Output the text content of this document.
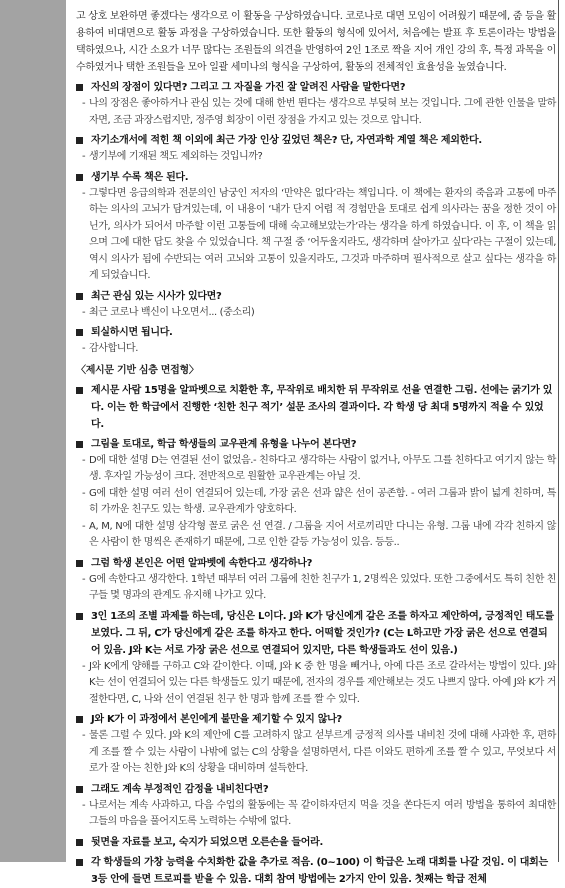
고 상호 보완하면 좋겠다는 생각으로 이 활동을 구상하였습니다. 코로나로 대면 모임이 어려웠기 때문에, 줌 등을 활용하여 비대면으로 활동 과정을 구상하였습니다. 또한 활동의 형식에 있어서, 처음에는 발표 후 토론이라는 방법을 택하였으나, 시간 소요가 너무 많다는 조원들의 의견을 반영하여 2인 1조로 짝을 지어 개인 강의 후, 특정 과목을 이수하였거나 택한 조원들을 모아 일괄 세미나의 형식을 구상하여, 활동의 전체적인 효율성을 높였습니다.

자신의 장점이 있다면? 그리고 그 자질을 가진 잘 알려진 사람을 말한다면?
- 나의 장점은 좋아하거나 관심 있는 것에 대해 한번 뛴다는 생각으로 부딪혀 보는 것입니다. 그에 관한 인물을 말하자면, 조금 과장스럽지만, 정주영 회장이 이런 장점을 가지고 있는 것으로 압니다.
자기소개서에 적힌 책 이외에 최근 가장 인상 깊었던 책은? 단, 자연과학 계열 책은 제외한다.
- 생기부에 기재된 책도 제외하는 것입니까?
생기부 수록 책은 된다.
- 그렇다면 응급의학과 전문의인 남궁인 저자의 ‘만약은 없다’라는 책입니다. 이 책에는 환자의 죽음과 고통에 마주하는 의사의 고뇌가 담겨있는데, 이 내용이 ‘내가 단지 어렵 적 경험만을 토대로 쉽게 의사라는 꿈을 정한 것이 아닌가, 의사가 되어서 마주할 이런 고통들에 대해 숙고해보았는가’라는 생각을 하게 하였습니다. 이 후, 이 책을 읽으며 그에 대한 답도 찾을 수 있었습니다. 책 구절 중 ‘어두울지라도, 생각하며 살아가고 싶다’라는 구절이 있는데, 역시 의사가 됨에 수반되는 여러 고뇌와 고통이 있을지라도, 그것과 마주하며 필사적으로 살고 싶다는 생각을 하게 되었습니다.
최근 관심 있는 시사가 있다면?
- 최근 코로나 백신이 나오면서... (중소리)
퇴실하시면 됩니다.
- 감사합니다.
〈제시문 기반 심층 면접형〉
제시문 사람 15명을 알파벳으로 치환한 후, 무작위로 배치한 뒤 무작위로 선을 연결한 그림. 선에는 굵기가 있다. 이는 한 학급에서 진행한 ‘친한 친구 적기’ 설문 조사의 결과이다. 각 학생 당 최대 5명까지 적을 수 있었다.
그림을 토대로, 학급 학생들의 교우관계 유형을 나누어 본다면?
- D에 대한 설명 D는 연결된 선이 없었음.- 친하다고 생각하는 사람이 없거나, 아무도 그를 친하다고 여기지 않는 학생. 후자일 가능성이 크다. 전반적으로 원활한 교우관계는 아닐 것.
- G에 대한 설명 여러 선이 연결되어 있는데, 가장 굵은 선과 얇은 선이 공존함. - 여러 그룹과 밝이 넓게 친하며, 특히 가까운 친구도 있는 학생. 교우관계가 양호하다.
- A, M, N에 대한 설명 삼각형 꼴로 굵은 선 연결. / 그룹을 지어 서로끼리만 다니는 유형. 그룹 내에 각각 친하지 않은 사람이 한 명씩은 존재하기 때문에, 그로 인한 갈등 가능성이 있음. 등등..
그럼 학생 본인은 어떤 알파벳에 속한다고 생각하나?
- G에 속한다고 생각한다. 1학년 때부터 여러 그룹에 친한 친구가 1, 2명씩은 있었다. 또한 그중에서도 특히 친한 친구들 몇 명과의 관계도 유지해 나가고 있다.
3인 1조의 조별 과제를 하는데, 당신은 L이다. J와 K가 당신에게 같은 조를 하자고 제안하여, 긍정적인 태도를 보였다. 그 뒤, C가 당신에게 같은 조를 하자고 한다. 어떡할 것인가? (C는 L하고만 가장 굵은 선으로 연결되어 있음. J와 K는 서로 가장 굵은 선으로 연결되어 있지만, 다른 학생들과도 선이 있음.)
- J와 K에게 양해를 구하고 C와 같이한다. 이때, J와 K 중 한 명을 빼거나, 아예 다른 조로 갈라서는 방법이 있다. J와 K는 선이 연결되어 있는 다른 학생들도 있기 때문에, 전자의 경우를 제안해보는 것도 나쁘지 않다. 아예 J와 K가 거절한다면, C, 나와 선이 연결된 친구 한 명과 함께 조를 짤 수 있다.
J와 K가 이 과정에서 본인에게 불만을 제기할 수 있지 않나?
- 물론 그럴 수 있다. J와 K의 제안에 C를 고려하지 않고 섣부르게 긍정적 의사를 내비친 것에 대해 사과한 후, 편하게 조를 짤 수 있는 사람이 나밖에 없는 C의 상황을 설명하면서, 다른 이와도 편하게 조를 짤 수 있고, 무엇보다 서로가 잘 아는 친한 J와 K의 상황을 대비하며 설득한다.
그래도 계속 부정적인 감정을 내비친다면?
- 나로서는 계속 사과하고, 다음 수업의 활동에는 꼭 같이하자던지 먹을 것을 쏜다든지 여러 방법을 통하여 최대한 그들의 마음을 풀어지도록 노력하는 수밖에 없다.
뒷면을 자료를 보고, 숙지가 되었으면 오른손을 들어라.
각 학생들의 가창 능력을 수치화한 값을 추가로 적음. (0~100) 이 학급은 노래 대회를 나갈 것임. 이 대회는 3등 안에 들면 트로피를 받을 수 있음. 대회 참여 방법에는 2가지 안이 있음. 첫째는 학급 전체
